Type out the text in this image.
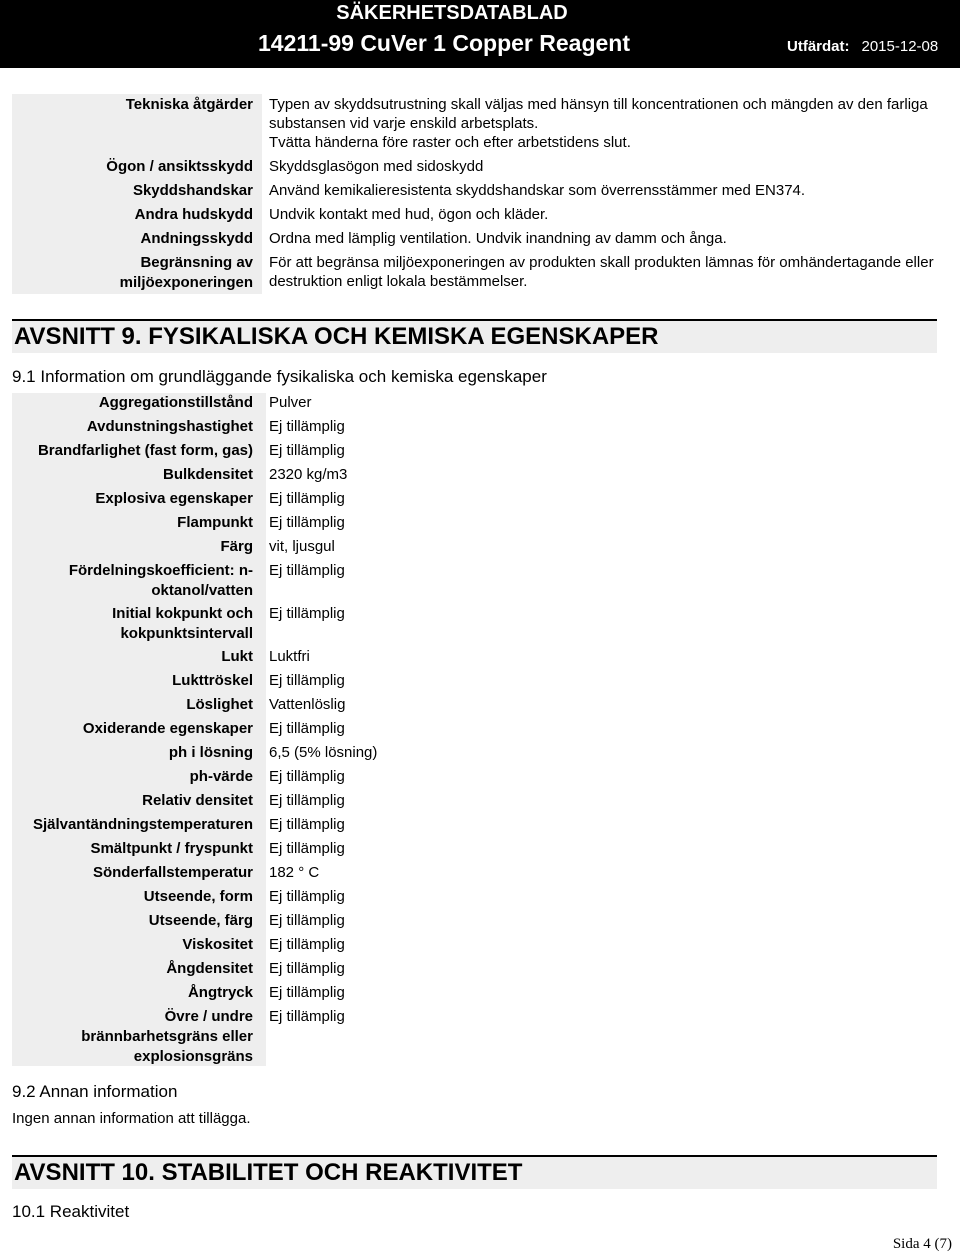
SÄKERHETSDATABLAD
14211-99 CuVer 1 Copper Reagent	Utfärdat: 2015-12-08
Tekniska åtgärder Typen av skyddsutrustning skall väljas med hänsyn till koncentrationen och mängden av den farliga substansen vid varje enskild arbetsplats.
Tvätta händerna före raster och efter arbetstidens slut.
Ögon / ansiktsskydd Skyddsglasögon med sidoskydd
Skyddshandskar Använd kemikalieresistenta skyddshandskar som överrensstämmer med EN374.
Andra hudskydd Undvik kontakt med hud, ögon och kläder.
Andningsskydd Ordna med lämplig ventilation. Undvik inandning av damm och ånga.
Begränsning av miljöexponeringen
För att begränsa miljöexponeringen av produkten skall produkten lämnas för omhändertagande eller destruktion enligt lokala bestämmelser.
AVSNITT 9. FYSIKALISKA OCH KEMISKA EGENSKAPER
9.1 Information om grundläggande fysikaliska och kemiska egenskaper
Aggregationstillstånd Pulver
Avdunstningshastighet Ej tillämplig
Brandfarlighet (fast form, gas) Ej tillämplig
Bulkdensitet 2320 kg/m3
Explosiva egenskaper Ej tillämplig
Flampunkt Ej tillämplig
Färg vit, ljusgul
Fördelningskoefficient: n-oktanol/vatten
Ej tillämplig
Initial kokpunkt och kokpunktsintervall
Ej tillämplig
Lukt Luktfri
Lukttröskel Ej tillämplig
Löslighet Vattenlöslig
Oxiderande egenskaper Ej tillämplig
ph i lösning 6,5 (5% lösning)
ph-värde Ej tillämplig
Relativ densitet Ej tillämplig
Självantändningstemperaturen Ej tillämplig
Smältpunkt / fryspunkt Ej tillämplig
Sönderfallstemperatur 182 ° C
Utseende, form Ej tillämplig
Utseende, färg Ej tillämplig
Viskositet Ej tillämplig
Ångdensitet Ej tillämplig
Ångtryck Ej tillämplig
Övre / undre brännbarhetsgräns eller explosionsgräns
Ej tillämplig
9.2 Annan information
Ingen annan information att tillägga.
AVSNITT 10. STABILITET OCH REAKTIVITET
10.1 Reaktivitet
Sida 4 (7)
